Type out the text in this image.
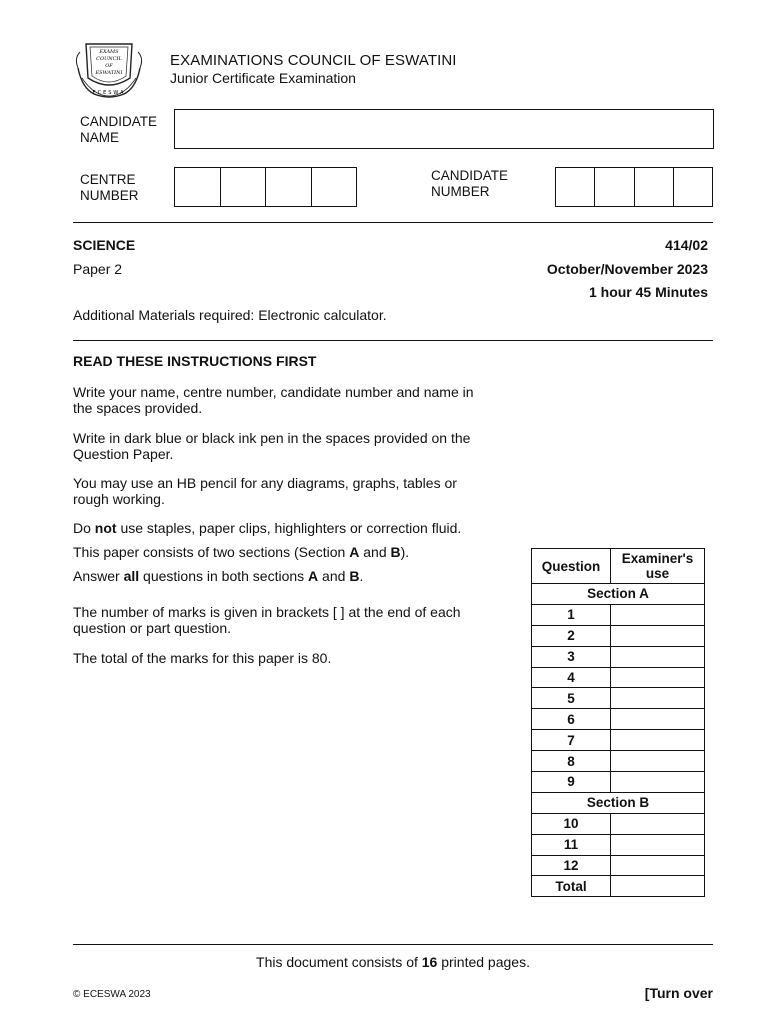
EXAMS
COUNCIL
OF
ESWATINI
ECESWA
EXAMINATIONS COUNCIL OF ESWATINI
Junior Certificate Examination
CANDIDATE
NAME
CENTRE
NUMBER
CANDIDATE
NUMBER
SCIENCE
Paper 2
414/02
October/November 2023
1 hour 45 Minutes
Additional Materials required: Electronic calculator.
READ THESE INSTRUCTIONS FIRST
Write your name, centre number, candidate number and name in the spaces provided.
Write in dark blue or black ink pen in the spaces provided on the Question Paper.
You may use an HB pencil for any diagrams, graphs, tables or rough working.
Do not use staples, paper clips, highlighters or correction fluid.
This paper consists of two sections (Section A and B).
Answer all questions in both sections A and B.
The number of marks is given in brackets [ ] at the end of each question or part question.
The total of the marks for this paper is 80.
Question	Examiner's
use

Section A	
1	
2	
3	
4	
5	
6	
7	
8	
9	
Section B	
10	
11	
12	
Total	
This document consists of 16 printed pages.
© ECESWA 2023	[Turn over
